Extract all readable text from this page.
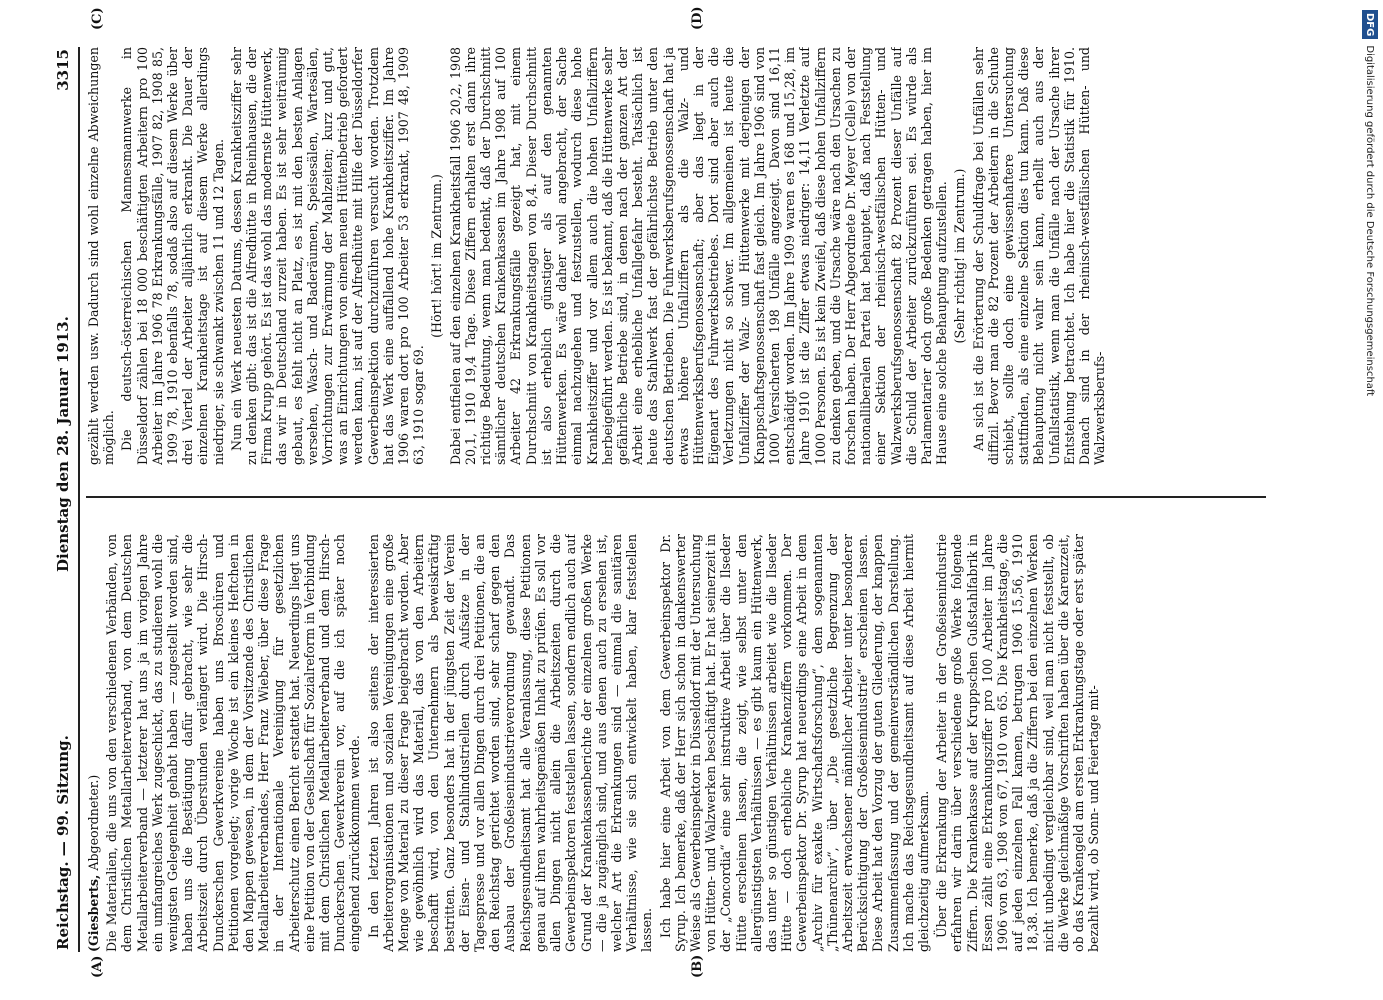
Reichstag. — 99. Sitzung.
Dienstag den 28. Januar 1913.
3315
(A)	(B)
(C)	(D)

(Giesberts, Abgeordneter.) Die Materialien, die uns von den verschiedenen Verbänden, von dem Christlichen Metallarbeiterverband, von dem Deutschen Metallarbeiterverband — letzterer hat uns ja im vorigen Jahre ein umfangreiches Werk zugeschickt, das zu studieren wohl die wenigsten Gelegenheit gehabt haben — zugestellt worden sind, haben uns die Bestätigung dafür gebracht, wie sehr die Arbeitszeit durch Überstunden verlängert wird. Die Hirsch-Dunckerschen Gewerkvereine haben uns Broschüren und Petitionen vorgelegt; vorige Woche ist ein kleines Heftchen in den Mappen gewesen, in dem der Vorsitzende des Christlichen Metallarbeiterverbandes, Herr Franz Wieber, über diese Frage in der Internationale Vereinigung für gesetzlichen Arbeiterschutz einen Bericht erstattet hat. Neuerdings liegt uns eine Petition von der Gesellschaft für Sozialreform in Verbindung mit dem Christlichen Metallarbeiterverband und dem Hirsch-Dunckerschen Gewerkverein vor, auf die ich später noch eingehend zurückkommen werde. In den letzten Jahren ist also seitens der interessierten Arbeiterorganisationen und sozialen Vereinigungen eine große Menge von Material zu dieser Frage beigebracht worden. Aber wie gewöhnlich wird das Material, das von den Arbeitern beschafft wird, von den Unternehmern als beweiskräftig bestritten. Ganz besonders hat in der jüngsten Zeit der Verein der Eisen- und Stahlindustriellen durch Aufsätze in der Tagespresse und vor allen Dingen durch drei Petitionen, die an den Reichstag gerichtet worden sind, sehr scharf gegen den Ausbau der Großeisenindustrieverordnung gewandt. Das Reichsgesundheitsamt hat alle Veranlassung, diese Petitionen genau auf ihren wahrheitsgemäßen Inhalt zu prüfen. Es soll vor allen Dingen nicht allein die Arbeitszeiten durch die Gewerbeinspektoren feststellen lassen, sondern endlich auch auf Grund der Krankenkassenberichte der einzelnen großen Werke — die ja zugänglich sind, und aus denen auch zu ersehen ist, welcher Art die Erkrankungen sind — einmal die sanitären Verhältnisse, wie sie sich entwickelt haben, klar feststellen lassen. Ich habe hier eine Arbeit von dem Gewerbeinspektor Dr. Syrup. Ich bemerke, daß der Herr sich schon in dankenswerter Weise als Gewerbeinspektor in Düsseldorf mit der Untersuchung von Hütten- und Walzwerken beschäftigt hat. Er hat seinerzeit in der „Concordia“ eine sehr instruktive Arbeit über die Ilseder Hütte erscheinen lassen, die zeigt, wie selbst unter den allergünstigsten Verhältnissen — es gibt kaum ein Hüttenwerk, das unter so günstigen Verhältnissen arbeitet wie die Ilseder Hütte — doch erhebliche Krankenziffern vorkommen. Der Gewerbeinspektor Dr. Syrup hat neuerdings eine Arbeit in dem „Archiv für exakte Wirtschaftsforschung“, dem sogenannten „Thünenarchiv“, über „Die gesetzliche Begrenzung der Arbeitszeit erwachsener männlicher Arbeiter unter besonderer Berücksichtigung der Großeisenindustrie“ erscheinen lassen. Diese Arbeit hat den Vorzug der guten Gliederung, der knappen Zusammenfassung und der gemeinverständlichen Darstellung. Ich mache das Reichsgesundheitsamt auf diese Arbeit hiermit gleichzeitig aufmerksam. Über die Erkrankung der Arbeiter in der Großeisenindustrie erfahren wir darin über verschiedene große Werke folgende Ziffern. Die Krankenkasse auf der Kruppschen Gußstahlfabrik in Essen zählt eine Erkrankungsziffer pro 100 Arbeiter im Jahre 1906 von 63, 1908 von 67, 1910 von 65. Die Krankheitstage, die auf jeden einzelnen Fall kamen, betrugen 1906 15,56, 1910 18,38. Ich bemerke, daß ja die Ziffern bei den einzelnen Werken nicht unbedingt vergleichbar sind, weil man nicht feststellt, ob die Werke gleichmäßige Vorschriften haben über die Karenzzeit, ob das Krankengeld am ersten Erkrankungstage oder erst später bezahlt wird, ob Sonn- und Feiertage mit-

gezählt werden usw. Dadurch sind wohl einzelne Abweichungen möglich. Die deutsch-österreichischen Mannesmannwerke in Düsseldorf zählen bei 18 000 beschäftigten Arbeitern pro 100 Arbeiter im Jahre 1906 78 Erkrankungsfälle, 1907 82, 1908 85, 1909 78, 1910 ebenfalls 78, sodaß also auf diesem Werke über drei Viertel der Arbeiter alljährlich erkrankt. Die Dauer der einzelnen Krankheitstage ist auf diesem Werke allerdings niedriger, sie schwankt zwischen 11 und 12 Tagen. Nun ein Werk neuesten Datums, dessen Krankheitsziffer sehr zu denken gibt: das ist die Alfredhütte in Rheinhausen, die der Firma Krupp gehört. Es ist das wohl das modernste Hüttenwerk, das wir in Deutschland zurzeit haben. Es ist sehr weiträumig gebaut, es fehlt nicht an Platz, es ist mit den besten Anlagen versehen, Wasch- und Baderäumen, Speisesälen, Wartesälen, Vorrichtungen zur Erwärmung der Mahlzeiten; kurz und gut, was an Einrichtungen von einem neuen Hüttenbetrieb gefordert werden kann, ist auf der Alfredhütte mit Hilfe der Düsseldorfer Gewerbeinspektion durchzuführen versucht worden. Trotzdem hat das Werk eine auffallend hohe Krankheitsziffer. Im Jahre 1906 waren dort pro 100 Arbeiter 53 erkrankt, 1907 48, 1909 63, 1910 sogar 69.

(Hört! hört! im Zentrum.) Dabei entfielen auf den einzelnen Krankheitsfall 1906 20,2, 1908 20,1, 1910 19,4 Tage. Diese Ziffern erhalten erst dann ihre richtige Bedeutung, wenn man bedenkt, daß der Durchschnitt sämtlicher deutschen Krankenkassen im Jahre 1908 auf 100 Arbeiter 42 Erkrankungsfälle gezeigt hat, mit einem Durchschnitt von Krankheitstagen von 8,4. Dieser Durchschnitt ist also erheblich günstiger als auf den genannten Hüttenwerken. Es wäre daher wohl angebracht, der Sache einmal nachzugehen und festzustellen, wodurch diese hohe Krankheitsziffer und vor allem auch die hohen Unfallziffern herbeigeführt werden. Es ist bekannt, daß die Hüttenwerke sehr gefährliche Betriebe sind, in denen nach der ganzen Art der Arbeit eine erhebliche Unfallgefahr besteht. Tatsächlich ist heute das Stahlwerk fast der gefährlichste Betrieb unter den deutschen Betrieben. Die Fuhrwerksberufsgenossenschaft hat ja etwas höhere Unfallziffern als die Walz- und Hüttenwerksberufsgenossenschaft; aber das liegt in der Eigenart des Fuhrwerksbetriebes. Dort sind aber auch die Verletzungen nicht so schwer. Im allgemeinen ist heute die Unfallziffer der Walz- und Hüttenwerke mit derjenigen der Knappschaftsgenossenschaft fast gleich. Im Jahre 1906 sind von 1000 Versicherten 198 Unfälle angezeigt. Davon sind 16,11 entschädigt worden. Im Jahre 1909 waren es 168 und 15,28, im Jahre 1910 ist die Ziffer etwas niedriger: 14,11 Verletzte auf 1000 Personen. Es ist kein Zweifel, daß diese hohen Unfallziffern zu denken geben, und die Ursache wäre nach den Ursachen zu forschen haben. Der Herr Abgeordnete Dr. Meyer (Celle) von der nationalliberalen Partei hat behauptet, daß nach Feststellung einer Sektion der rheinisch-westfälischen Hütten- und Walzwerksberufsgenossenschaft 82 Prozent dieser Unfälle auf die Schuld der Arbeiter zurückzuführen sei. Es würde als Parlamentarier doch große Bedenken getragen haben, hier im Hause eine solche Behauptung aufzustellen. (Sehr richtig! im Zentrum.) An sich ist die Erörterung der Schuldfrage bei Unfällen sehr diffizil. Bevor man die 82 Prozent der Arbeitern in die Schuhe schiebt, sollte doch eine gewissenhaftere Untersuchung stattfinden, als eine einzelne Sektion dies tun kann. Daß diese Behauptung nicht wahr sein kann, erhellt auch aus der Unfallstatistik, wenn man die Unfälle nach der Ursache ihrer Entstehung betrachtet. Ich habe hier die Statistik für 1910. Danach sind in der rheinisch-westfälischen Hütten- und Walzwerksberufs-

DFGDigitalisierung gefördert durch die Deutsche Forschungsgemeinschaft
